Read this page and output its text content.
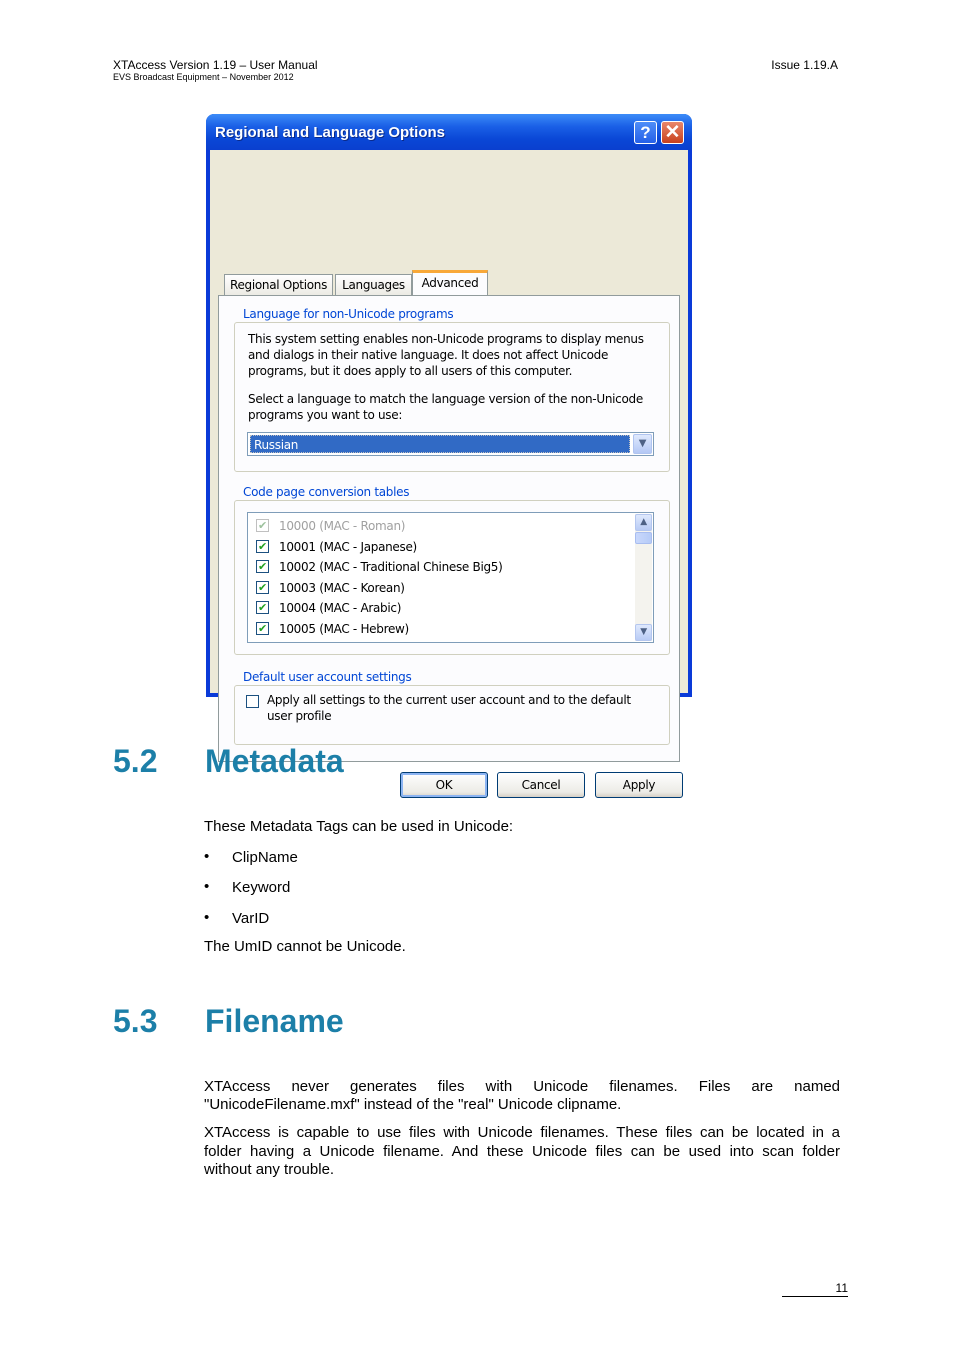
XTAccess Version 1.19 – User Manual
EVS Broadcast Equipment – November 2012
Issue 1.19.A
Regional and Language Options	? ✕
Regional Options	Languages	Advanced
Language for non-Unicode programs
This system setting enables non-Unicode programs to display menus
and dialogs in their native language. It does not affect Unicode
programs, but it does apply to all users of this computer.
Select a language to match the language version of the non-Unicode
programs you want to use:
Russian	▼
Code page conversion tables
✔ 10000 (MAC - Roman)
✔ 10001 (MAC - Japanese)
✔ 10002 (MAC - Traditional Chinese Big5)
✔ 10003 (MAC - Korean)
✔ 10004 (MAC - Arabic)
✔ 10005 (MAC - Hebrew)
▲
▼
Default user account settings
Apply all settings to the current user account and to the default
user profile
OK	Cancel	Apply
5.2 Metadata
These Metadata Tags can be used in Unicode:
• ClipName
• Keyword
• VarID
The UmID cannot be Unicode.
5.3 Filename
XTAccess never generates files with Unicode filenames. Files are named
"UnicodeFilename.mxf" instead of the "real" Unicode clipname.
XTAccess is capable to use files with Unicode filenames. These files can be located in a
folder having a Unicode filename. And these Unicode files can be used into scan folder
without any trouble.
11
